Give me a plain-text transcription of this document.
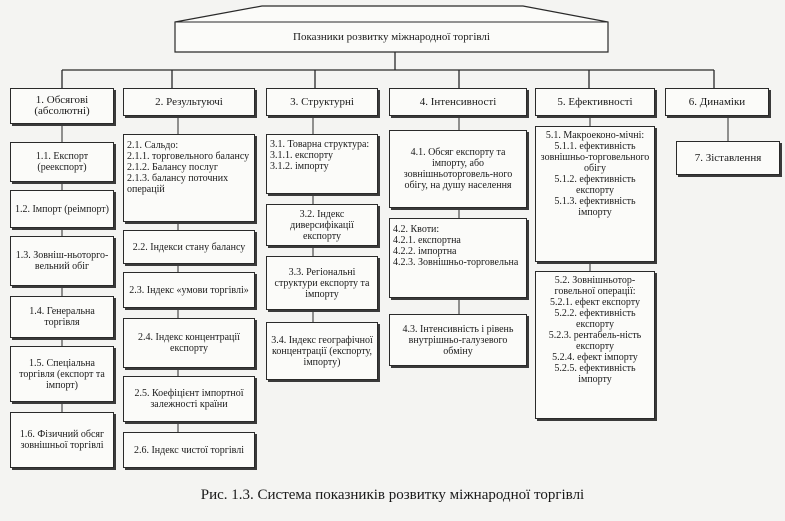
Показники розвитку міжнародної торгівлі
1. Обсягові (абсолютні)
1.1. Експорт (реекспорт)
1.2. Імпорт (реімпорт)
1.3. Зовніш-ньоторго-вельний обіг
1.4. Генеральна торгівля
1.5. Спеціальна торгівля (експорт та імпорт)
1.6. Фізичний обсяг зовнішньої торгівлі
2. Результуючі
2.1. Сальдо:
2.1.1. торговельного балансу
2.1.2. Балансу послуг
2.1.3. балансу поточних операцій
2.2. Індекси стану балансу
2.3. Індекс «умови торгівлі»
2.4. Індекс концентрації експорту
2.5. Коефіцієнт імпортної залежності країни
2.6. Індекс чистої торгівлі
3. Структурні
3.1. Товарна структура:
3.1.1. експорту
3.1.2. імпорту
3.2. Індекс диверсифікації експорту
3.3. Регіональні структури експорту та імпорту
3.4. Індекс географічної концентрації (експорту, імпорту)
4. Інтенсивності
4.1. Обсяг експорту та імпорту, або зовнішньоторговель-ного обігу, на душу населення
4.2. Квоти:
4.2.1. експортна
4.2.2. імпортна
4.2.3. Зовнішньо-торговельна
4.3. Інтенсивність і рівень внутрішньо-галузевого обміну
5. Ефективності
5.1. Макроеконо-мічні:
5.1.1. ефективність зовнішньо-торговельного обігу
5.1.2. ефективність експорту
5.1.3. ефективність імпорту
5.2. Зовнішньотор-говельної операції:
5.2.1. ефект експорту
5.2.2. ефективність експорту
5.2.3. рентабель-ність експорту
5.2.4. ефект імпорту
5.2.5. ефективність імпорту
6. Динаміки
7. Зіставлення
Рис. 1.3. Система показників розвитку міжнародної торгівлі
